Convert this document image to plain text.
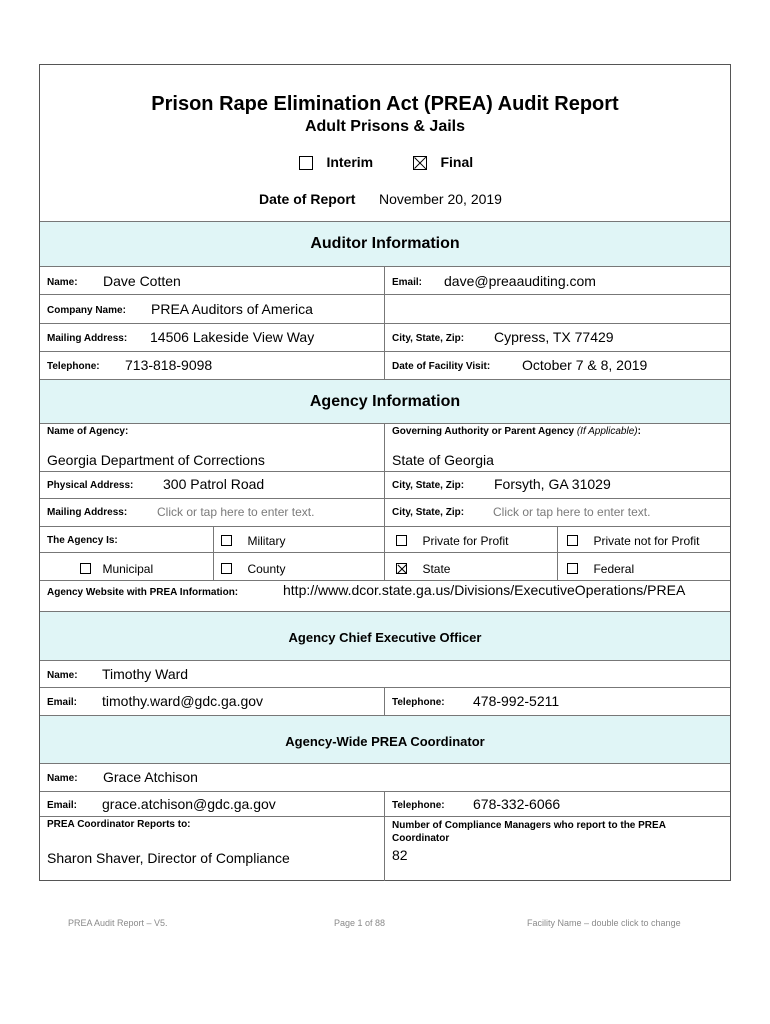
Prison Rape Elimination Act (PREA) Audit Report
Adult Prisons & Jails
Interim	Final
Date of Report November 20, 2019
Auditor Information
Name: Dave Cotten	Email: dave@preaauditing.com
Company Name: PREA Auditors of America
Mailing Address: 14506 Lakeside View Way	City, State, Zip: Cypress, TX 77429
Telephone: 713-818-9098	Date of Facility Visit: October 7 & 8, 2019
Agency Information
Name of Agency:
Georgia Department of Corrections
Governing Authority or Parent Agency (If Applicable):
State of Georgia
Physical Address: 300 Patrol Road	City, State, Zip: Forsyth, GA 31029
Mailing Address: Click or tap here to enter text.	City, State, Zip: Click or tap here to enter text.
The Agency Is:	Military	Private for Profit	Private not for Profit
Municipal	County	State	Federal
Agency Website with PREA Information:	http://www.dcor.state.ga.us/Divisions/ExecutiveOperations/PREA
Agency Chief Executive Officer
Name: Timothy Ward
Email: timothy.ward@gdc.ga.gov	Telephone: 478-992-5211
Agency-Wide PREA Coordinator
Name: Grace Atchison
Email: grace.atchison@gdc.ga.gov	Telephone: 678-332-6066
PREA Coordinator Reports to:
Sharon Shaver, Director of Compliance
Number of Compliance Managers who report to the PREA Coordinator
82
PREA Audit Report – V5.	Page 1 of 88	Facility Name – double click to change
